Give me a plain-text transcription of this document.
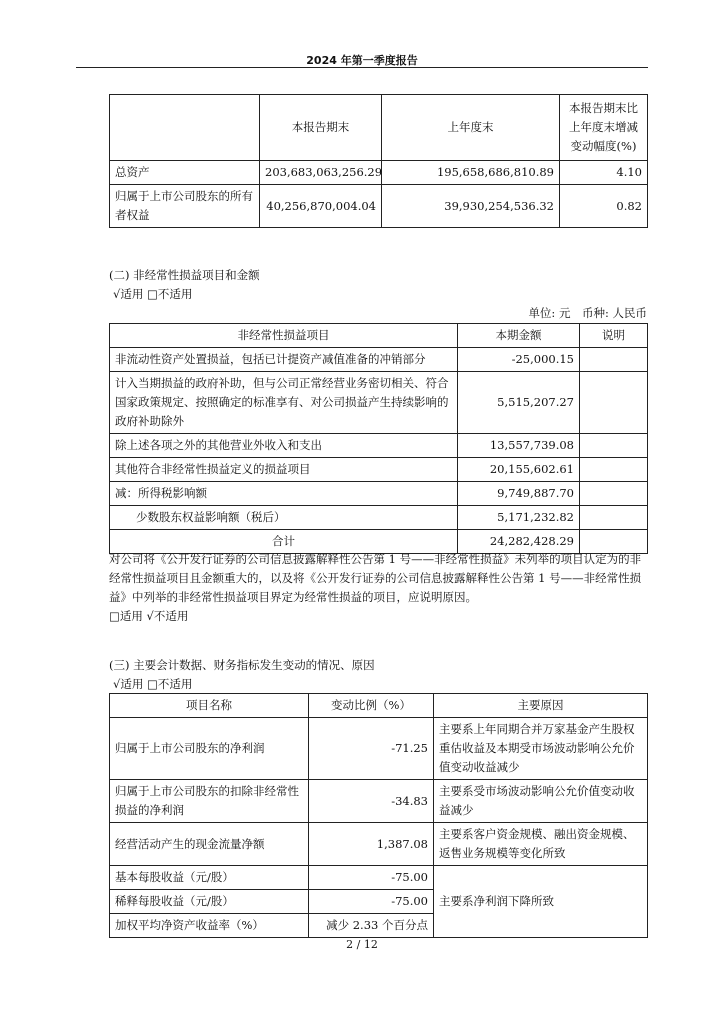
2024 年第一季度报告
	本报告期末	上年度末	本报告期末比上年度末增减变动幅度(%)
总资产	203,683,063,256.29	195,658,686,810.89	4.10
归属于上市公司股东的所有者权益	40,256,870,004.04	39,930,254,536.32	0.82
(二) 非经常性损益项目和金额
√适用 □不适用
单位: 元　币种: 人民币
非经常性损益项目	本期金额	说明
非流动性资产处置损益，包括已计提资产减值准备的冲销部分	-25,000.15	
计入当期损益的政府补助，但与公司正常经营业务密切相关、符合国家政策规定、按照确定的标准享有、对公司损益产生持续影响的政府补助除外	5,515,207.27	
除上述各项之外的其他营业外收入和支出	13,557,739.08	
其他符合非经常性损益定义的损益项目	20,155,602.61	
减：所得税影响额	9,749,887.70	
少数股东权益影响额（税后）	5,171,232.82	
合计	24,282,428.29	
对公司将《公开发行证券的公司信息披露解释性公告第 1 号——非经常性损益》未列举的项目认定为的非经常性损益项目且金额重大的，以及将《公开发行证券的公司信息披露解释性公告第 1 号——非经常性损益》中列举的非经常性损益项目界定为经常性损益的项目，应说明原因。
□适用 √不适用
(三) 主要会计数据、财务指标发生变动的情况、原因
√适用 □不适用
项目名称	变动比例（%）	主要原因
归属于上市公司股东的净利润	-71.25	主要系上年同期合并万家基金产生股权重估收益及本期受市场波动影响公允价值变动收益减少
归属于上市公司股东的扣除非经常性损益的净利润	-34.83	主要系受市场波动影响公允价值变动收益减少
经营活动产生的现金流量净额	1,387.08	主要系客户资金规模、融出资金规模、返售业务规模等变化所致
基本每股收益（元/股）	-75.00	主要系净利润下降所致
稀释每股收益（元/股）	-75.00	
加权平均净资产收益率（%）	减少 2.33 个百分点	
2 / 12
